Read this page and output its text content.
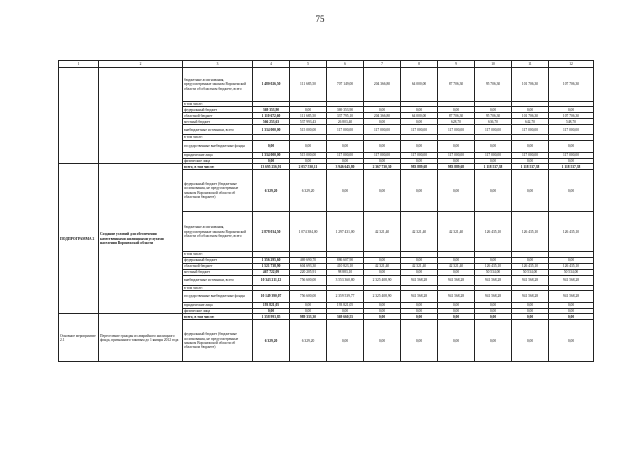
75
1	2	3	4	5	6	7	8	9	10	11	12
		бюджетные ассигнования, предусмотренные законом Воронежской области об областном бюджете, всего	1 480 026,50	111 685,50	707 149,00	204 366,80	64 000,00	87 706,30	95 706,30	101 706,30	107 706,30
		в том числе:									
		федеральный бюджет	369 353,90	0,00	369 353,90	0,00	0,00	0,00	0,00	0,00	0,00
		областной бюджет	1 110 672,60	111 685,50	337 795,10	204 366,80	64 000,00	87 706,30	95 706,30	101 706,30	107 706,30
		местный бюджет	566 253,63	537 993,43	26 803,40	0,00	0,00	628,70	636,70	642,70	548,70
		внебюджетные источники, всего	1 334 000,00	515 000,00	117 000,00	117 000,00	117 000,00	117 000,00	117 000,00	117 000,00	117 000,00
		в том числе:									
		государственные внебюджетные фонды	0,00	0,00	0,00	0,00	0,00	0,00	0,00	0,00	0,00
		юридические лица	1 334 000,00	515 000,00	117 000,00	117 000,00	117 000,00	117 000,00	117 000,00	117 000,00	117 000,00
		физические лица	0,00	0,00	0,00	0,00	0,00	0,00	0,00	0,00	0,00
ПОДПРОГРАММА 2	Создание условий для обеспечения качественными жилищными услугами населения Воронежской области	всего, в том числе:	13 695 256,91	2 057 530,11	3 946 645,80	2 367 730,30	983 889,68	983 889,68	1 118 537,38	1 118 537,38	1 118 537,38
		федеральный бюджет (бюджетные ассигнования, не предусмотренные законом Воронежской области об областном бюджете)	6 329,20	6 329,20	0,00	0,00	0,00	0,00	0,00	0,00	0,00
		бюджетные ассигнования, предусмотренные законом Воронежской области об областном бюджете, всего	2 878 034,50	1 074 384,00	1 297 431,00	42 321,40	42 321,40	42 321,40	126 435,10	126 435,10	126 435,10
		в том числе:									
		федеральный бюджет	1 356 295,60	469 690,70	886 607,90	0,00	0,00	0,00	0,00	0,00	0,00
		областной бюджет	1 521 738,90	604 693,30	410 823,10	42 321,40	42 321,40	42 321,40	126 435,10	126 435,10	126 435,10
		местный бюджет	467 722,09	220 205,91	98 883,10	0,00	0,00	0,00	50 534,00	50 534,00	50 534,00
		внебюджетные источники, всего	10 343 211,12	756 600,00	3 553 360,80	2 325 408,90	941 568,28	941 568,28	941 568,28	941 568,28	941 568,28
		в том числе:									
		государственные внебюджетные фонды	10 149 390,07	756 600,00	2 359 539,77	2 325 408,90	941 568,28	941 568,28	941 568,28	941 568,28	941 568,28
		юридические лица	193 821,05	0,00	193 821,05	0,00	0,00	0,00	0,00	0,00	0,00
		физические лица	0,00	0,00	0,00	0,00	0,00	0,00	0,00	0,00	0,00
Основное мероприятие 2.1	Переселение граждан из аварийного жилищного фонда, признанного таковым до 1 января 2012 года	всего, в том числе:	1 358 993,85	989 333,30	369 660,55	0,00	0,00	0,00	0,00	0,00	0,00
		федеральный бюджет (бюджетные ассигнования, не предусмотренные законом Воронежской области об областном бюджете)	6 329,20	6 329,20	0,00	0,00	0,00	0,00	0,00	0,00	0,00
